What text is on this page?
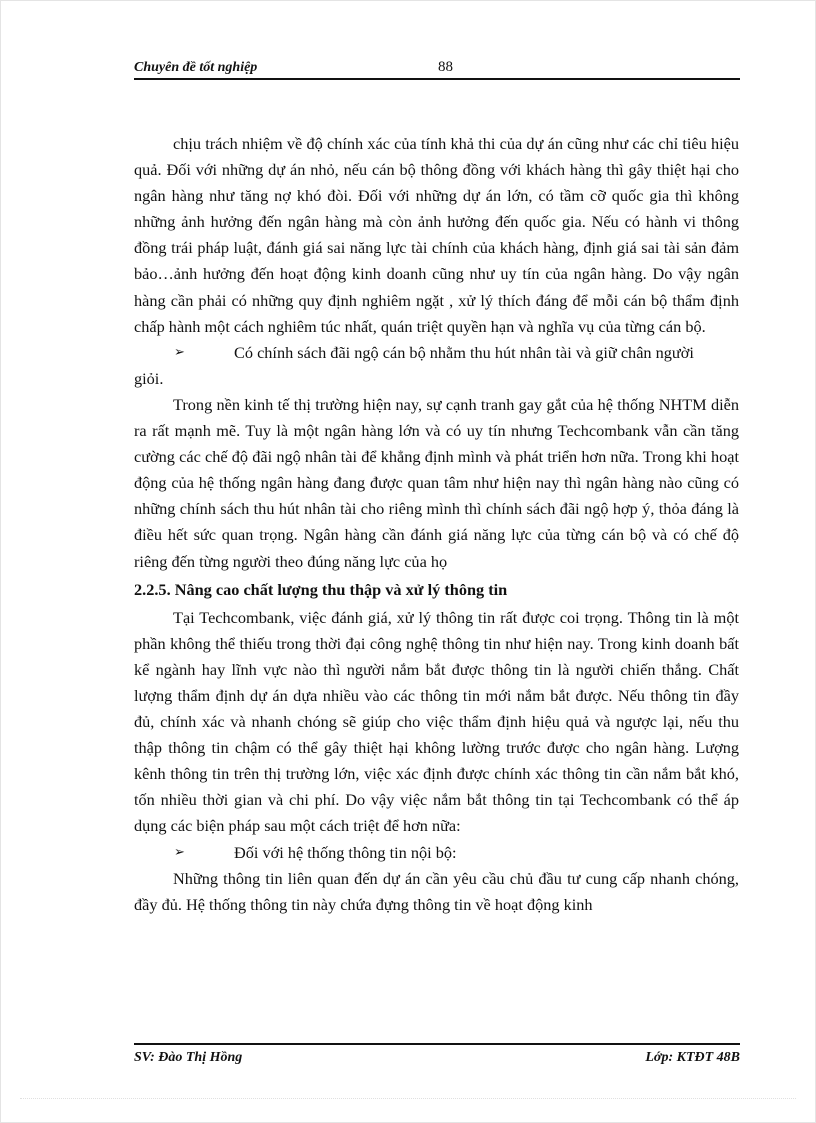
Chuyên đề tốt nghiệp	88

chịu trách nhiệm về độ chính xác của tính khả thi của dự án cũng như các chỉ tiêu hiệu quả. Đối với những dự án nhỏ, nếu cán bộ thông đồng với khách hàng thì gây thiệt hại cho ngân hàng như tăng nợ khó đòi. Đối với những dự án lớn, có tầm cỡ quốc gia thì không những ảnh hưởng đến ngân hàng mà còn ảnh hưởng đến quốc gia. Nếu có hành vi thông đồng trái pháp luật, đánh giá sai năng lực tài chính của khách hàng, định giá sai tài sản đảm bảo…ảnh hưởng đến hoạt động kinh doanh cũng như uy tín của ngân hàng. Do vậy ngân hàng cần phải có những quy định nghiêm ngặt , xử lý thích đáng để mỗi cán bộ thẩm định chấp hành một cách nghiêm túc nhất, quán triệt quyền hạn và nghĩa vụ của từng cán bộ.

➢	Có chính sách đãi ngộ cán bộ nhằm thu hút nhân tài và giữ chân người
giỏi.

Trong nền kinh tế thị trường hiện nay, sự cạnh tranh gay gắt của hệ thống NHTM diễn ra rất mạnh mẽ. Tuy là một ngân hàng lớn và có uy tín nhưng Techcombank vẫn cần tăng cường các chế độ đãi ngộ nhân tài để khẳng định mình và phát triển hơn nữa. Trong khi hoạt động của hệ thống ngân hàng đang được quan tâm như hiện nay thì ngân hàng nào cũng có những chính sách thu hút nhân tài cho riêng mình thì chính sách đãi ngộ hợp ý, thỏa đáng là điều hết sức quan trọng. Ngân hàng cần đánh giá năng lực của từng cán bộ và có chế độ riêng đến từng người theo đúng năng lực của họ

2.2.5. Nâng cao chất lượng thu thập và xử lý thông tin

Tại Techcombank, việc đánh giá, xử lý thông tin rất được coi trọng. Thông tin là một phần không thể thiếu trong thời đại công nghệ thông tin như hiện nay. Trong kinh doanh bất kể ngành hay lĩnh vực nào thì người nắm bắt được thông tin là người chiến thắng. Chất lượng thẩm định dự án dựa nhiều vào các thông tin mới nắm bắt được. Nếu thông tin đầy đủ, chính xác và nhanh chóng sẽ giúp cho việc thẩm định hiệu quả và ngược lại, nếu thu thập thông tin chậm có thể gây thiệt hại không lường trước được cho ngân hàng. Lượng kênh thông tin trên thị trường lớn, việc xác định được chính xác thông tin cần nắm bắt khó, tốn nhiều thời gian và chi phí. Do vậy việc nắm bắt thông tin tại Techcombank có thể áp dụng các biện pháp sau một cách triệt để hơn nữa:

➢	Đối với hệ thống thông tin nội bộ:

Những thông tin liên quan đến dự án cần yêu cầu chủ đầu tư cung cấp nhanh chóng, đầy đủ. Hệ thống thông tin này chứa đựng thông tin về hoạt động kinh

SV: Đào Thị Hồng	Lớp: KTĐT 48B
